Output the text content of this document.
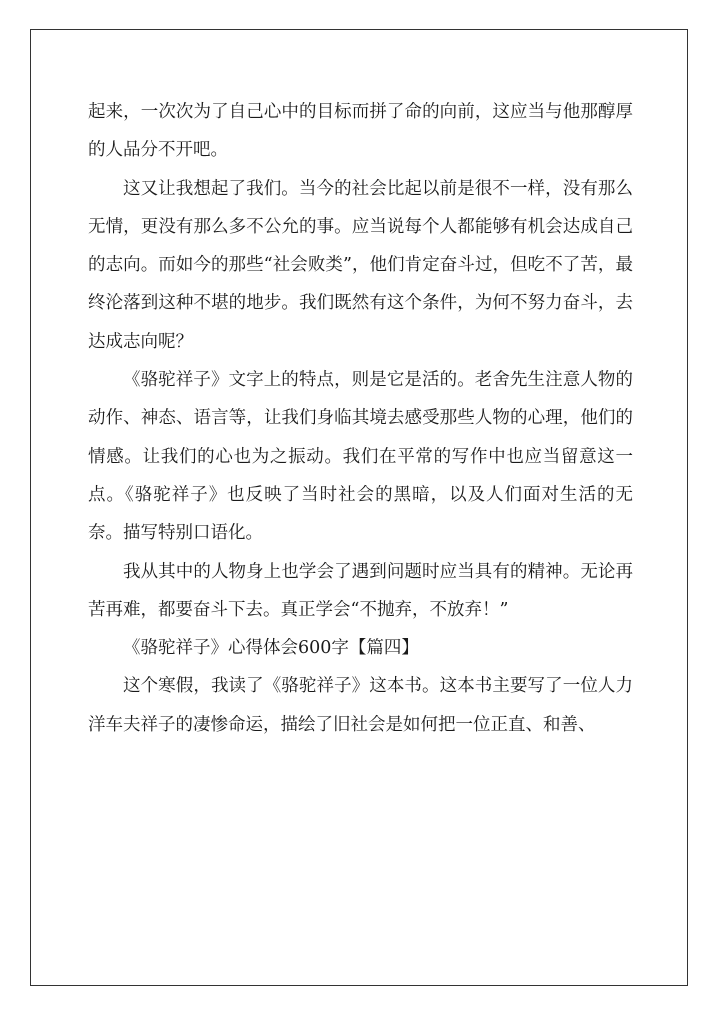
起来，一次次为了自己心中的目标而拼了命的向前，这应当与他那醇厚的人品分不开吧。

这又让我想起了我们。当今的社会比起以前是很不一样，没有那么无情，更没有那么多不公允的事。应当说每个人都能够有机会达成自己的志向。而如今的那些“社会败类”，他们肯定奋斗过，但吃不了苦，最终沦落到这种不堪的地步。我们既然有这个条件，为何不努力奋斗，去达成志向呢？

《骆驼祥子》文字上的特点，则是它是活的。老舍先生注意人物的动作、神态、语言等，让我们身临其境去感受那些人物的心理，他们的情感。让我们的心也为之振动。我们在平常的写作中也应当留意这一点。《骆驼祥子》也反映了当时社会的黑暗，以及人们面对生活的无奈。描写特别口语化。

我从其中的人物身上也学会了遇到问题时应当具有的精神。无论再苦再难，都要奋斗下去。真正学会“不抛弃，不放弃！”

《骆驼祥子》心得体会600字【篇四】

这个寒假，我读了《骆驼祥子》这本书。这本书主要写了一位人力洋车夫祥子的凄惨命运，描绘了旧社会是如何把一位正直、和善、
